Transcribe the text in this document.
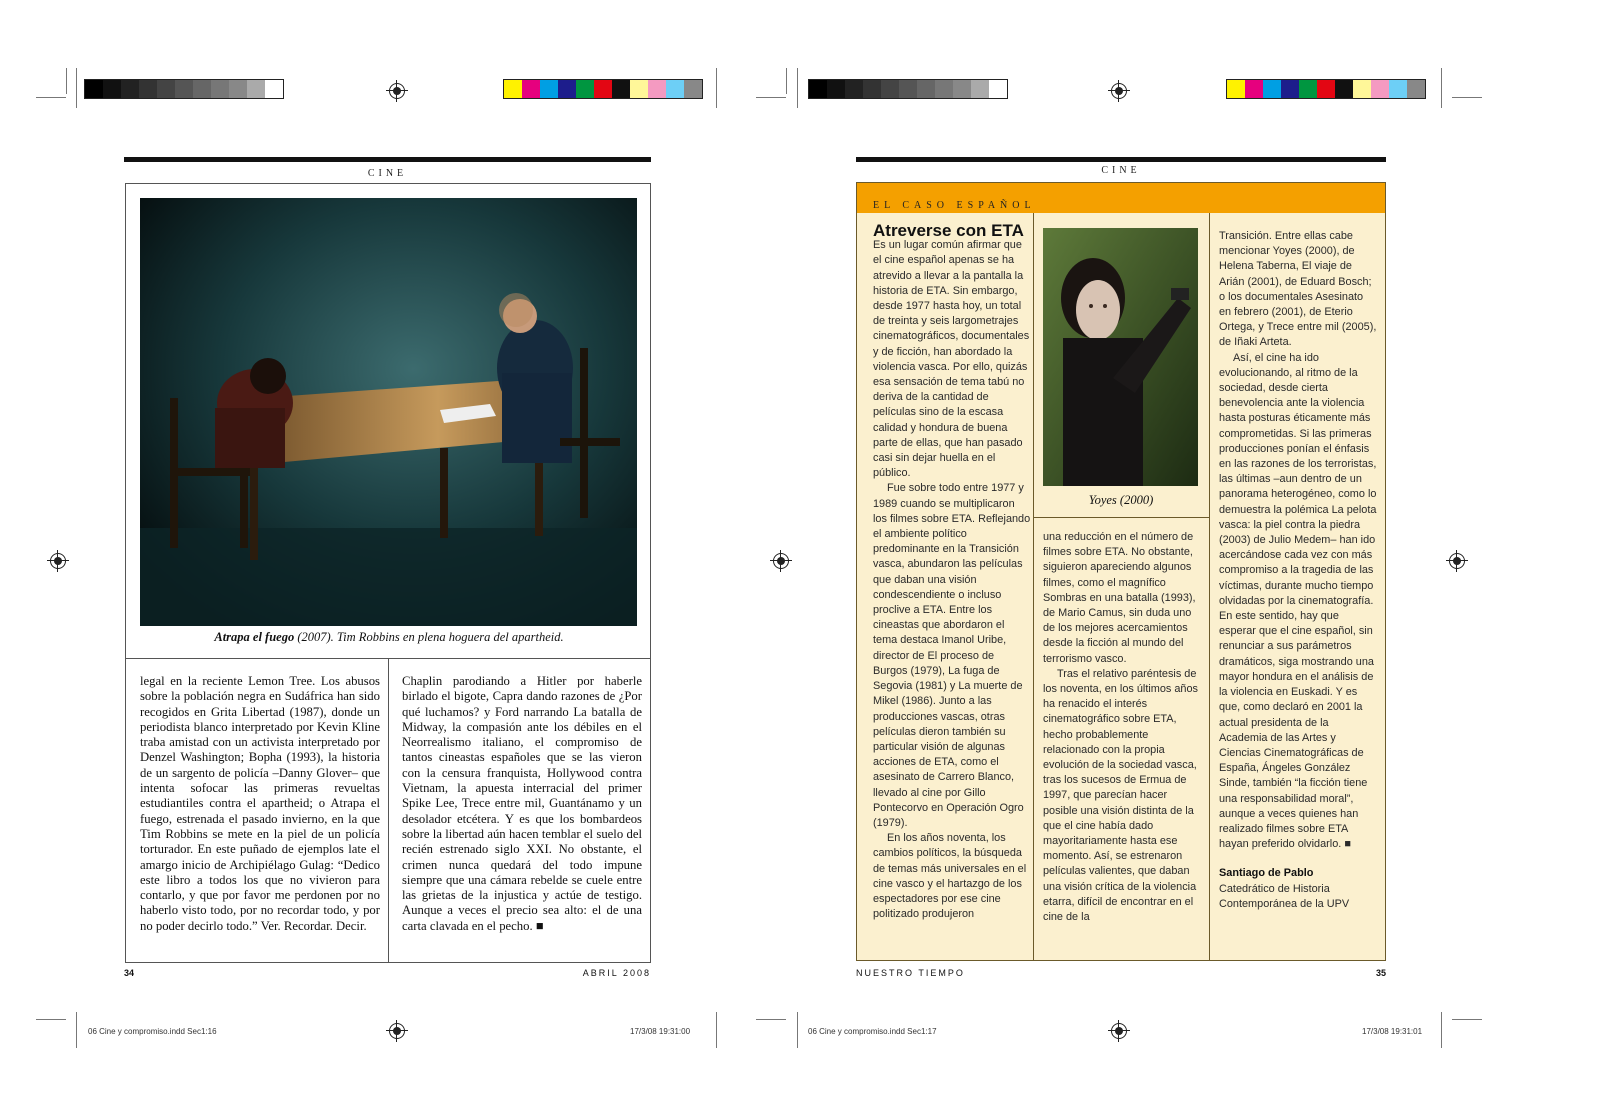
06 Cine y compromiso.indd Sec1:16	17/3/08 19:31:00	06 Cine y compromiso.indd Sec1:17	17/3/08 19:31:01
CINE
Atrapa el fuego (2007). Tim Robbins en plena hoguera del apartheid.

legal en la reciente Lemon Tree. Los abusos sobre la población negra en Sudáfrica han sido recogidos en Grita Libertad (1987), donde un periodista blanco interpretado por Kevin Kline traba amistad con un activista interpretado por Denzel Washington; Bopha (1993), la historia de un sargento de policía –Danny Glover– que intenta sofocar las primeras revueltas estudiantiles contra el apartheid; o Atrapa el fuego, estrenada el pasado invierno, en la que Tim Robbins se mete en la piel de un policía torturador. En este puñado de ejemplos late el amargo inicio de Archipiélago Gulag: “Dedico este libro a todos los que no vivieron para contarlo, y que por favor me perdonen por no haberlo visto todo, por no recordar todo, y por no poder decirlo todo.” Ver. Recordar. Decir.

Chaplin parodiando a Hitler por haberle birlado el bigote, Capra dando razones de ¿Por qué luchamos? y Ford narrando La batalla de Midway, la compasión ante los débiles en el Neorrealismo italiano, el compromiso de tantos cineastas españoles que se las vieron con la censura franquista, Hollywood contra Vietnam, la apuesta interracial del primer Spike Lee, Trece entre mil, Guantánamo y un desolador etcétera. Y es que los bombardeos sobre la libertad aún hacen temblar el suelo del recién estrenado siglo XXI. No obstante, el crimen nunca quedará del todo impune siempre que una cámara rebelde se cuele entre las grietas de la injustica y actúe de testigo. Aunque a veces el precio sea alto: el de una carta clavada en el pecho. ■

34	ABRIL 2008
CINE
EL CASO ESPAÑOL
Atreverse con ETA

Es un lugar común afirmar que el cine español apenas se ha atrevido a llevar a la pantalla la historia de ETA. Sin embargo, desde 1977 hasta hoy, un total de treinta y seis largometrajes cinematográficos, documentales y de ficción, han abordado la violencia vasca. Por ello, quizás esa sensación de tema tabú no deriva de la cantidad de películas sino de la escasa calidad y hondura de buena parte de ellas, que han pasado casi sin dejar huella en el público.

Fue sobre todo entre 1977 y 1989 cuando se multiplicaron los filmes sobre ETA. Reflejando el ambiente político predominante en la Transición vasca, abundaron las películas que daban una visión condescendiente o incluso proclive a ETA. Entre los cineastas que abordaron el tema destaca Imanol Uribe, director de El proceso de Burgos (1979), La fuga de Segovia (1981) y La muerte de Mikel (1986). Junto a las producciones vascas, otras películas dieron también su particular visión de algunas acciones de ETA, como el asesinato de Carrero Blanco, llevado al cine por Gillo Pontecorvo en Operación Ogro (1979).

En los años noventa, los cambios políticos, la búsqueda de temas más universales en el cine vasco y el hartazgo de los espectadores por ese cine politizado produjeron

Yoyes (2000)

una reducción en el número de filmes sobre ETA. No obstante, siguieron apareciendo algunos filmes, como el magnífico Sombras en una batalla (1993), de Mario Camus, sin duda uno de los mejores acercamientos desde la ficción al mundo del terrorismo vasco.

Tras el relativo paréntesis de los noventa, en los últimos años ha renacido el interés cinematográfico sobre ETA, hecho probablemente relacionado con la propia evolución de la sociedad vasca, tras los sucesos de Ermua de 1997, que parecían hacer posible una visión distinta de la que el cine había dado mayoritariamente hasta ese momento. Así, se estrenaron películas valientes, que daban una visión crítica de la violencia etarra, difícil de encontrar en el cine de la

Transición. Entre ellas cabe mencionar Yoyes (2000), de Helena Taberna, El viaje de Arián (2001), de Eduard Bosch; o los documentales Asesinato en febrero (2001), de Eterio Ortega, y Trece entre mil (2005), de Iñaki Arteta.

Así, el cine ha ido evolucionando, al ritmo de la sociedad, desde cierta benevolencia ante la violencia hasta posturas éticamente más comprometidas. Si las primeras producciones ponían el énfasis en las razones de los terroristas, las últimas –aun dentro de un panorama heterogéneo, como lo demuestra la polémica La pelota vasca: la piel contra la piedra (2003) de Julio Medem– han ido acercándose cada vez con más compromiso a la tragedia de las víctimas, durante mucho tiempo olvidadas por la cinematografía. En este sentido, hay que esperar que el cine español, sin renunciar a sus parámetros dramáticos, siga mostrando una mayor hondura en el análisis de la violencia en Euskadi. Y es que, como declaró en 2001 la actual presidenta de la Academia de las Artes y Ciencias Cinematográficas de España, Ángeles González Sinde, también “la ficción tiene una responsabilidad moral”, aunque a veces quienes han realizado filmes sobre ETA hayan preferido olvidarlo. ■

Santiago de Pablo

Catedrático de Historia Contemporánea de la UPV

NUESTRO TIEMPO	35
